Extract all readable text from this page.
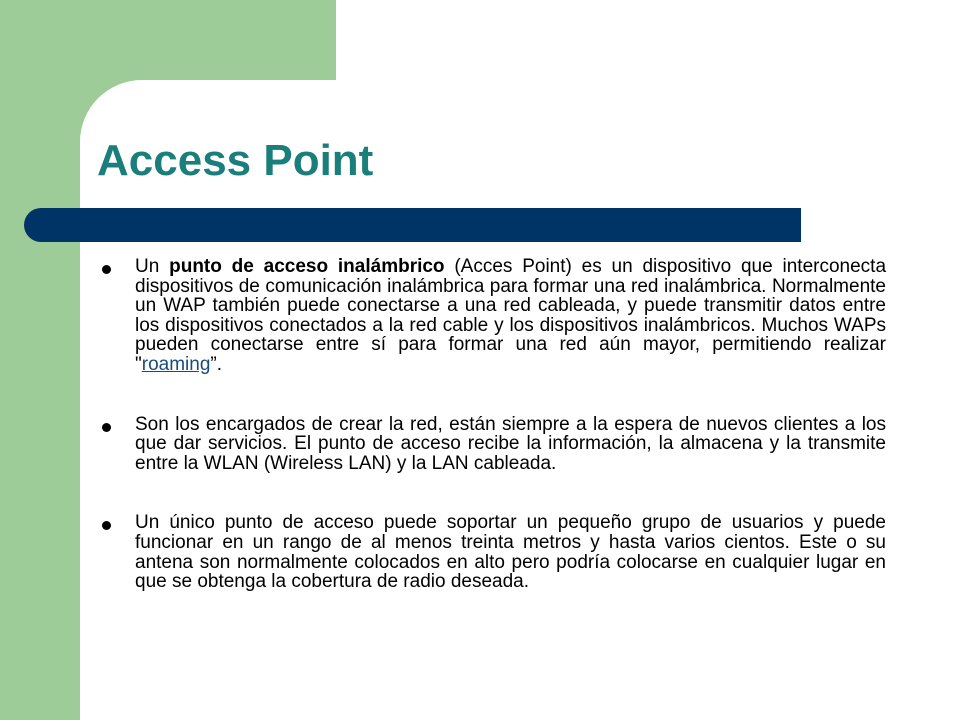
Access Point

Un punto de acceso inalámbrico (Acces Point) es un dispositivo que interconecta dispositivos de comunicación inalámbrica para formar una red inalámbrica. Normalmente un WAP también puede conectarse a una red cableada, y puede transmitir datos entre los dispositivos conectados a la red cable y los dispositivos inalámbricos. Muchos WAPs pueden conectarse entre sí para formar una red aún mayor, permitiendo realizar "roaming”.

Son los encargados de crear la red, están siempre a la espera de nuevos clientes a los que dar servicios. El punto de acceso recibe la información, la almacena y la transmite entre la WLAN (Wireless LAN) y la LAN cableada.

Un único punto de acceso puede soportar un pequeño grupo de usuarios y puede funcionar en un rango de al menos treinta metros y hasta varios cientos. Este o su antena son normalmente colocados en alto pero podría colocarse en cualquier lugar en que se obtenga la cobertura de radio deseada.
